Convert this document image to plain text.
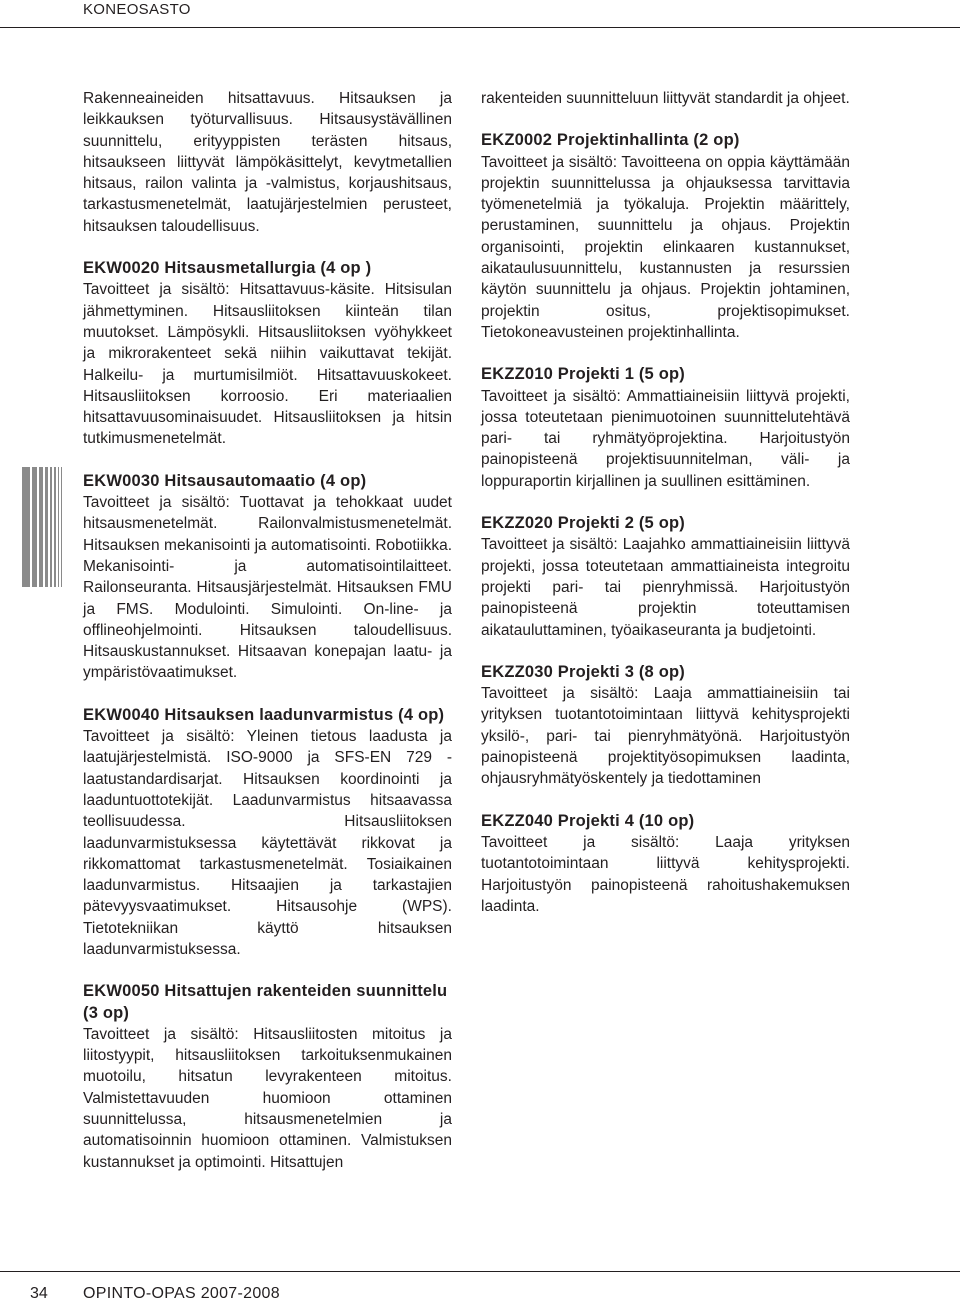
KONEOSASTO

Rakenneaineiden hitsattavuus. Hitsauksen ja leikkauksen työturvallisuus. Hitsausystävällinen suunnittelu, erityyppisten terästen hitsaus, hitsaukseen liittyvät lämpökäsittelyt, kevytmetallien hitsaus, railon valinta ja -valmistus, korjaushitsaus, tarkastusmenetelmät, laatujärjestelmien perusteet, hitsauksen taloudellisuus.

EKW0020 Hitsausmetallurgia (4 op )

Tavoitteet ja sisältö: Hitsattavuus-käsite. Hitsisulan jähmettyminen. Hitsausliitoksen kiinteän tilan muutokset. Lämpösykli. Hitsausliitoksen vyöhykkeet ja mikrorakenteet sekä niihin vaikuttavat tekijät. Halkeilu- ja murtumisilmiöt. Hitsattavuuskokeet. Hitsausliitoksen korroosio. Eri materiaalien hitsattavuusominaisuudet. Hitsausliitoksen ja hitsin tutkimusmenetelmät.

EKW0030 Hitsausautomaatio (4 op)

Tavoitteet ja sisältö: Tuottavat ja tehokkaat uudet hitsausmenetelmät. Railonvalmistusmenetelmät. Hitsauksen mekanisointi ja automatisointi. Robotiikka. Mekanisointi- ja automatisointilaitteet. Railonseuranta. Hitsausjärjestelmät. Hitsauksen FMU ja FMS. Modulointi. Simulointi. On-line- ja offlineohjelmointi. Hitsauksen taloudellisuus. Hitsauskustannukset. Hitsaavan konepajan laatu- ja ympäristövaatimukset.

EKW0040 Hitsauksen laadunvarmistus (4 op)

Tavoitteet ja sisältö: Yleinen tietous laadusta ja laatujärjestelmistä. ISO-9000 ja SFS-EN 729 - laatustandardisarjat. Hitsauksen koordinointi ja laaduntuottotekijät. Laadunvarmistus hitsaavassa teollisuudessa. Hitsausliitoksen laadunvarmistuksessa käytettävät rikkovat ja rikkomattomat tarkastusmenetelmät. Tosiaikainen laadunvarmistus. Hitsaajien ja tarkastajien pätevyysvaatimukset. Hitsausohje (WPS). Tietotekniikan käyttö hitsauksen laadunvarmistuksessa.

EKW0050 Hitsattujen rakenteiden suunnittelu (3 op)

Tavoitteet ja sisältö: Hitsausliitosten mitoitus ja liitostyypit, hitsausliitoksen tarkoituksenmukainen muotoilu, hitsatun levyrakenteen mitoitus. Valmistettavuuden huomioon ottaminen suunnittelussa, hitsausmenetelmien ja automatisoinnin huomioon ottaminen. Valmistuksen kustannukset ja optimointi. Hitsattujen

rakenteiden suunnitteluun liittyvät standardit ja ohjeet.

EKZ0002 Projektinhallinta (2 op)

Tavoitteet ja sisältö: Tavoitteena on oppia käyttämään projektin suunnittelussa ja ohjauksessa tarvittavia työmenetelmiä ja työkaluja. Projektin määrittely, perustaminen, suunnittelu ja ohjaus. Projektin organisointi, projektin elinkaaren kustannukset, aikataulusuunnittelu, kustannusten ja resurssien käytön suunnittelu ja ohjaus. Projektin johtaminen, projektin ositus, projektisopimukset. Tietokoneavusteinen projektinhallinta.

EKZZ010 Projekti 1 (5 op)

Tavoitteet ja sisältö: Ammattiaineisiin liittyvä projekti, jossa toteutetaan pienimuotoinen suunnittelutehtävä pari- tai ryhmätyöprojektina. Harjoitustyön painopisteenä projektisuunnitelman, väli- ja loppuraportin kirjallinen ja suullinen esittäminen.

EKZZ020 Projekti 2 (5 op)

Tavoitteet ja sisältö: Laajahko ammattiaineisiin liittyvä projekti, jossa toteutetaan ammattiaineista integroitu projekti pari- tai pienryhmissä. Harjoitustyön painopisteenä projektin toteuttamisen aikatauluttaminen, työaikaseuranta ja budjetointi.

EKZZ030 Projekti 3 (8 op)

Tavoitteet ja sisältö: Laaja ammattiaineisiin tai yrityksen tuotantotoimintaan liittyvä kehitysprojekti yksilö-, pari- tai pienryhmätyönä. Harjoitustyön painopisteenä projektityösopimuksen laadinta, ohjausryhmätyöskentely ja tiedottaminen

EKZZ040 Projekti 4 (10 op)

Tavoitteet ja sisältö: Laaja yrityksen tuotantotoimintaan liittyvä kehitysprojekti. Harjoitustyön painopisteenä rahoitushakemuksen laadinta.

34 OPINTO-OPAS 2007-2008
